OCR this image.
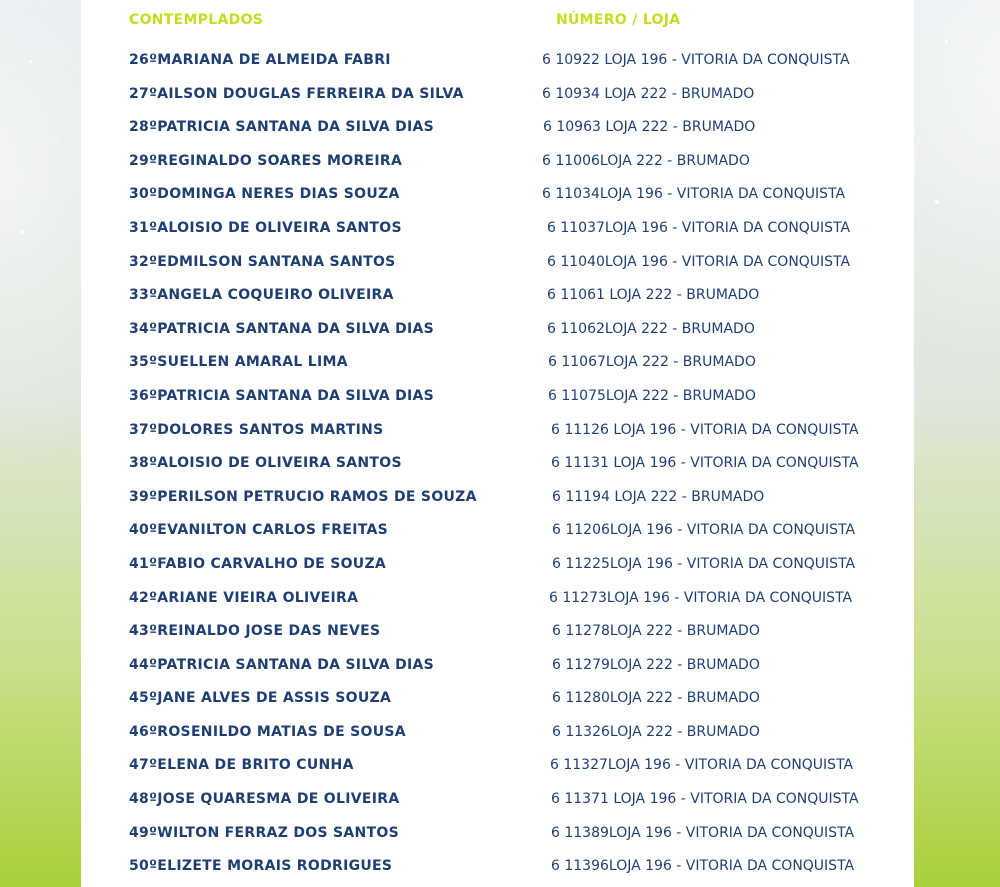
CONTEMPLADOS	NÚMERO / LOJA
26ºMARIANA DE ALMEIDA FABRI	6 10922 LOJA 196 - VITORIA DA CONQUISTA
27ºAILSON DOUGLAS FERREIRA DA SILVA	6 10934 LOJA 222 - BRUMADO
28ºPATRICIA SANTANA DA SILVA DIAS	6 10963 LOJA 222 - BRUMADO
29ºREGINALDO SOARES MOREIRA	6 11006LOJA 222 - BRUMADO
30ºDOMINGA NERES DIAS SOUZA	6 11034LOJA 196 - VITORIA DA CONQUISTA
31ºALOISIO DE OLIVEIRA SANTOS	6 11037LOJA 196 - VITORIA DA CONQUISTA
32ºEDMILSON SANTANA SANTOS	6 11040LOJA 196 - VITORIA DA CONQUISTA
33ºANGELA COQUEIRO OLIVEIRA	6 11061 LOJA 222 - BRUMADO
34ºPATRICIA SANTANA DA SILVA DIAS	6 11062LOJA 222 - BRUMADO
35ºSUELLEN AMARAL LIMA	6 11067LOJA 222 - BRUMADO
36ºPATRICIA SANTANA DA SILVA DIAS	6 11075LOJA 222 - BRUMADO
37ºDOLORES SANTOS MARTINS	6 11126 LOJA 196 - VITORIA DA CONQUISTA
38ºALOISIO DE OLIVEIRA SANTOS	6 11131 LOJA 196 - VITORIA DA CONQUISTA
39ºPERILSON PETRUCIO RAMOS DE SOUZA	6 11194 LOJA 222 - BRUMADO
40ºEVANILTON CARLOS FREITAS	6 11206LOJA 196 - VITORIA DA CONQUISTA
41ºFABIO CARVALHO DE SOUZA	6 11225LOJA 196 - VITORIA DA CONQUISTA
42ºARIANE VIEIRA OLIVEIRA	6 11273LOJA 196 - VITORIA DA CONQUISTA
43ºREINALDO JOSE DAS NEVES	6 11278LOJA 222 - BRUMADO
44ºPATRICIA SANTANA DA SILVA DIAS	6 11279LOJA 222 - BRUMADO
45ºJANE ALVES DE ASSIS SOUZA	6 11280LOJA 222 - BRUMADO
46ºROSENILDO MATIAS DE SOUSA	6 11326LOJA 222 - BRUMADO
47ºELENA DE BRITO CUNHA	6 11327LOJA 196 - VITORIA DA CONQUISTA
48ºJOSE QUARESMA DE OLIVEIRA	6 11371 LOJA 196 - VITORIA DA CONQUISTA
49ºWILTON FERRAZ DOS SANTOS	6 11389LOJA 196 - VITORIA DA CONQUISTA
50ºELIZETE MORAIS RODRIGUES	6 11396LOJA 196 - VITORIA DA CONQUISTA
